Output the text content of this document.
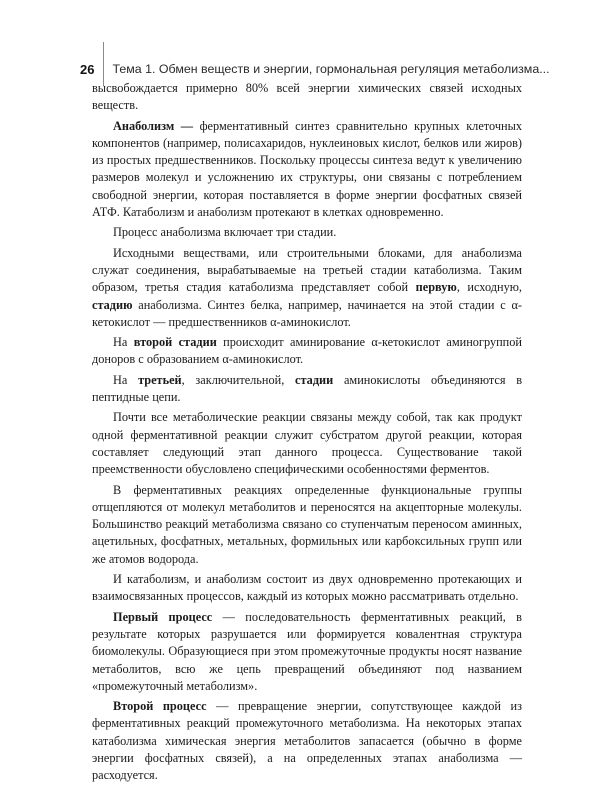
26 Тема 1. Обмен веществ и энергии, гормональная регуляция метаболизма...

высвобождается примерно 80% всей энергии химических связей исходных веществ.

Анаболизм — ферментативный синтез сравнительно крупных клеточных компонентов (например, полисахаридов, нуклеиновых кислот, белков или жиров) из простых предшественников. Поскольку процессы синтеза ведут к увеличению размеров молекул и усложнению их структуры, они связаны с потреблением свободной энергии, которая поставляется в форме энергии фосфатных связей АТФ. Катаболизм и анаболизм протекают в клетках одновременно.

Процесс анаболизма включает три стадии.

Исходными веществами, или строительными блоками, для анаболизма служат соединения, вырабатываемые на третьей стадии катаболизма. Таким образом, третья стадия катаболизма представляет собой первую, исходную, стадию анаболизма. Синтез белка, например, начинается на этой стадии с α-кетокислот — предшественников α-аминокислот.

На второй стадии происходит аминирование α-кетокислот аминогруппой доноров с образованием α-аминокислот.

На третьей, заключительной, стадии аминокислоты объединяются в пептидные цепи.

Почти все метаболические реакции связаны между собой, так как продукт одной ферментативной реакции служит субстратом другой реакции, которая составляет следующий этап данного процесса. Существование такой преемственности обусловлено специфическими особенностями ферментов.

В ферментативных реакциях определенные функциональные группы отщепляются от молекул метаболитов и переносятся на акцепторные молекулы. Большинство реакций метаболизма связано со ступенчатым переносом аминных, ацетильных, фосфатных, метальных, формильных или карбоксильных групп или же атомов водорода.

И катаболизм, и анаболизм состоит из двух одновременно протекающих и взаимосвязанных процессов, каждый из которых можно рассматривать отдельно.

Первый процесс — последовательность ферментативных реакций, в результате которых разрушается или формируется ковалентная структура биомолекулы. Образующиеся при этом промежуточные продукты носят название метаболитов, всю же цепь превращений объединяют под названием «промежуточный метаболизм».

Второй процесс — превращение энергии, сопутствующее каждой из ферментативных реакций промежуточного метаболизма. На некоторых этапах катаболизма химическая энергия метаболитов запасается (обычно в форме энергии фосфатных связей), а на определенных этапах анаболизма — расходуется.
